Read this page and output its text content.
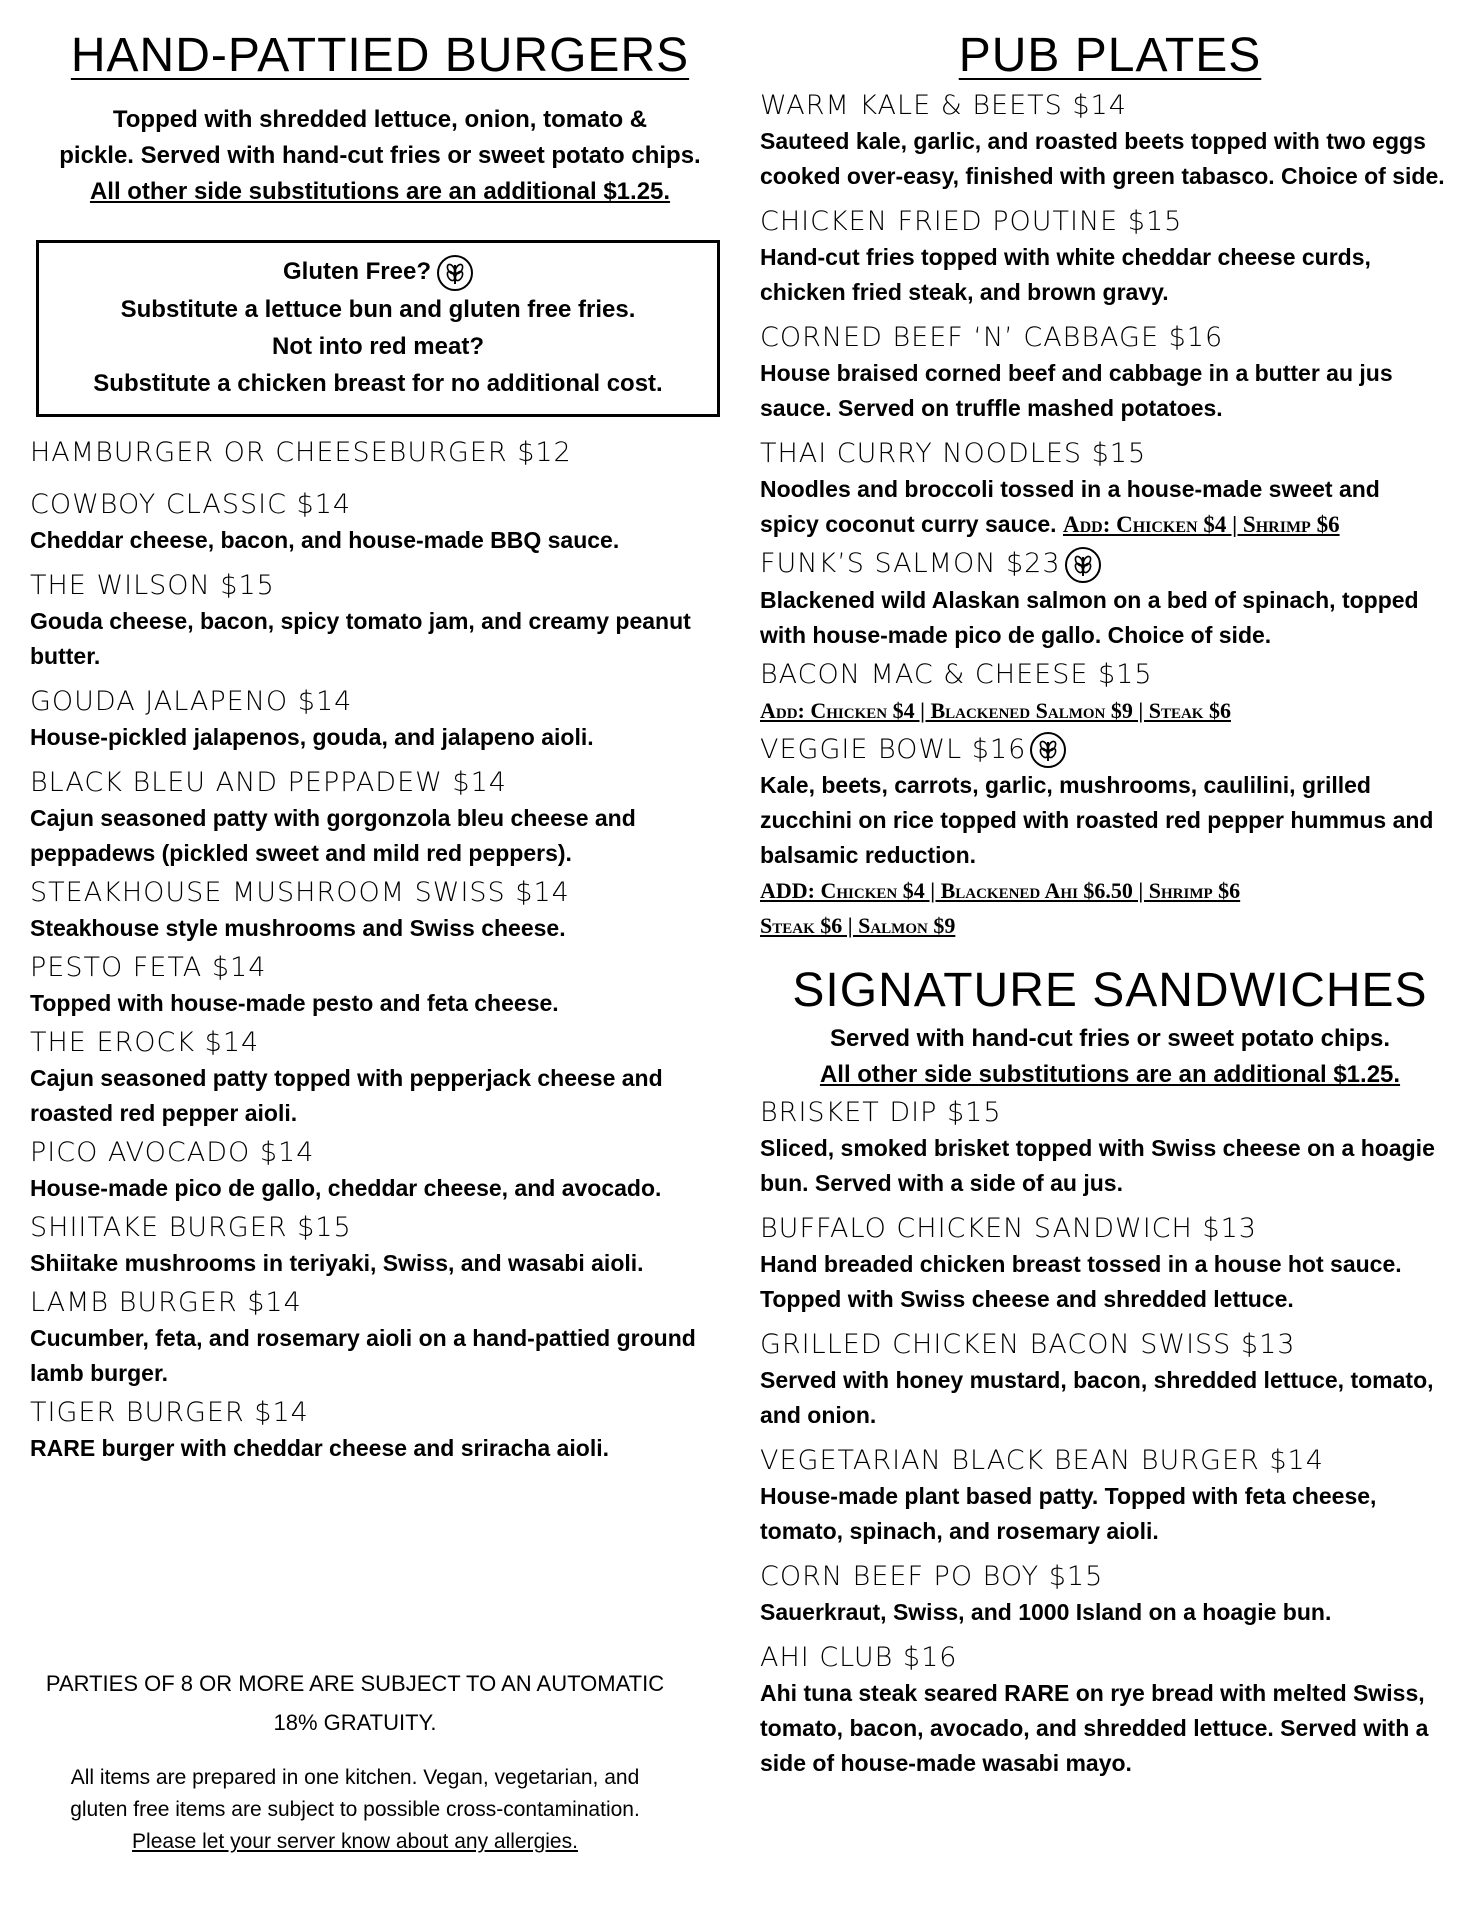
HAND-PATTIED BURGERS

Topped with shredded lettuce, onion, tomato &

pickle. Served with hand-cut fries or sweet potato chips.

All other side substitutions are an additional $1.25.

Gluten Free?
Substitute a lettuce bun and gluten free fries.
Not into red meat?
Substitute a chicken breast for no additional cost.

HAMBURGER OR CHEESEBURGER $12

COWBOY CLASSIC $14

Cheddar cheese, bacon, and house-made BBQ sauce.

THE WILSON $15

Gouda cheese, bacon, spicy tomato jam, and creamy peanut butter.

GOUDA JALAPENO $14

House-pickled jalapenos, gouda, and jalapeno aioli.

BLACK BLEU AND PEPPADEW $14

Cajun seasoned patty with gorgonzola bleu cheese and peppadews (pickled sweet and mild red peppers).

STEAKHOUSE MUSHROOM SWISS $14

Steakhouse style mushrooms and Swiss cheese.

PESTO FETA $14

Topped with house-made pesto and feta cheese.

THE EROCK $14

Cajun seasoned patty topped with pepperjack cheese and roasted red pepper aioli.

PICO AVOCADO $14

House-made pico de gallo, cheddar cheese, and avocado.

SHIITAKE BURGER $15

Shiitake mushrooms in teriyaki, Swiss, and wasabi aioli.

LAMB BURGER $14

Cucumber, feta, and rosemary aioli on a hand-pattied ground lamb burger.

TIGER BURGER $14

RARE burger with cheddar cheese and sriracha aioli.

PARTIES OF 8 OR MORE ARE SUBJECT TO AN AUTOMATIC
18% GRATUITY.
All items are prepared in one kitchen. Vegan, vegetarian, and
gluten free items are subject to possible cross-contamination.
Please let your server know about any allergies.
PUB PLATES

WARM KALE & BEETS $14

Sauteed kale, garlic, and roasted beets topped with two eggs cooked over-easy, finished with green tabasco. Choice of side.

CHICKEN FRIED POUTINE $15

Hand-cut fries topped with white cheddar cheese curds, chicken fried steak, and brown gravy.

CORNED BEEF ‘N’ CABBAGE $16

House braised corned beef and cabbage in a butter au jus sauce. Served on truffle mashed potatoes.

THAI CURRY NOODLES $15

Noodles and broccoli tossed in a house-made sweet and

spicy coconut curry sauce. Add: Chicken $4 | Shrimp $6

FUNK’S SALMON $23

Blackened wild Alaskan salmon on a bed of spinach, topped with house-made pico de gallo. Choice of side.

BACON MAC & CHEESE $15

Add: Chicken $4 | Blackened Salmon $9 | Steak $6

VEGGIE BOWL $16

Kale, beets, carrots, garlic, mushrooms, caulilini, grilled zucchini on rice topped with roasted red pepper hummus and balsamic reduction.

ADD: Chicken $4 | Blackened Ahi $6.50 | Shrimp $6

Steak $6 | Salmon $9

SIGNATURE SANDWICHES

Served with hand-cut fries or sweet potato chips.

All other side substitutions are an additional $1.25.

BRISKET DIP $15

Sliced, smoked brisket topped with Swiss cheese on a hoagie bun. Served with a side of au jus.

BUFFALO CHICKEN SANDWICH $13

Hand breaded chicken breast tossed in a house hot sauce. Topped with Swiss cheese and shredded lettuce.

GRILLED CHICKEN BACON SWISS $13

Served with honey mustard, bacon, shredded lettuce, tomato, and onion.

VEGETARIAN BLACK BEAN BURGER $14

House-made plant based patty. Topped with feta cheese, tomato, spinach, and rosemary aioli.

CORN BEEF PO BOY $15

Sauerkraut, Swiss, and 1000 Island on a hoagie bun.

AHI CLUB $16

Ahi tuna steak seared RARE on rye bread with melted Swiss, tomato, bacon, avocado, and shredded lettuce. Served with a side of house-made wasabi mayo.
